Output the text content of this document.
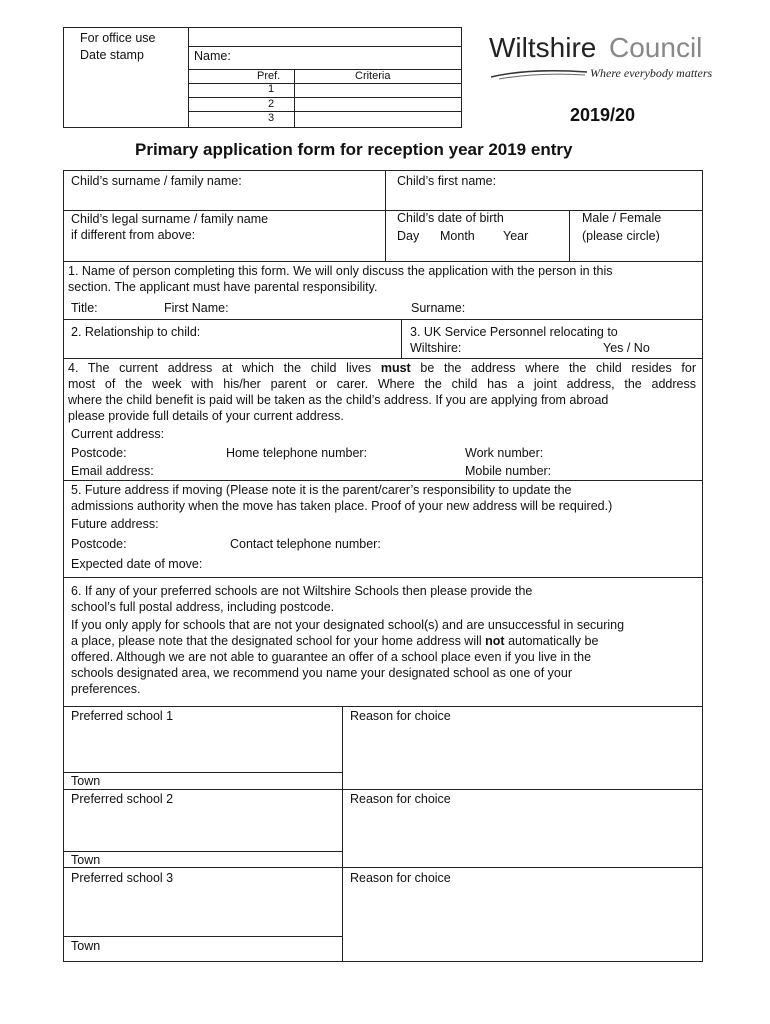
For office use
Date stamp	Name:
Pref.	Criteria
1
2
3
Wiltshire Council
Where everybody matters
2019/20
Primary application form for reception year 2019 entry
Child’s surname / family name:	Child’s first name:
Child’s legal surname / family name
if different from above:
Child’s date of birth
Day Month Year
Male / Female
(please circle)
1. Name of person completing this form. We will only discuss the application with the person in this
section. The applicant must have parental responsibility.
Title:	First Name:	Surname:
2. Relationship to child:	3. UK Service Personnel relocating to
Wiltshire:	Yes / No
4. The current address at which the child lives must be the address where the child resides for
most of the week with his/her parent or carer. Where the child has a joint address, the address
where the child benefit is paid will be taken as the child’s address. If you are applying from abroad
please provide full details of your current address.
Current address:
Postcode:	Home telephone number:	Work number:
Email address:	Mobile number:
5. Future address if moving (Please note it is the parent/carer’s responsibility to update the
admissions authority when the move has taken place. Proof of your new address will be required.)
Future address:
Postcode:	Contact telephone number:
Expected date of move:
6. If any of your preferred schools are not Wiltshire Schools then please provide the
school’s full postal address, including postcode.
If you only apply for schools that are not your designated school(s) and are unsuccessful in securing
a place, please note that the designated school for your home address will not automatically be
offered. Although we are not able to guarantee an offer of a school place even if you live in the
schools designated area, we recommend you name your designated school as one of your
preferences.
Preferred school 1	Reason for choice
Town
Preferred school 2	Reason for choice
Town
Preferred school 3	Reason for choice
Town
